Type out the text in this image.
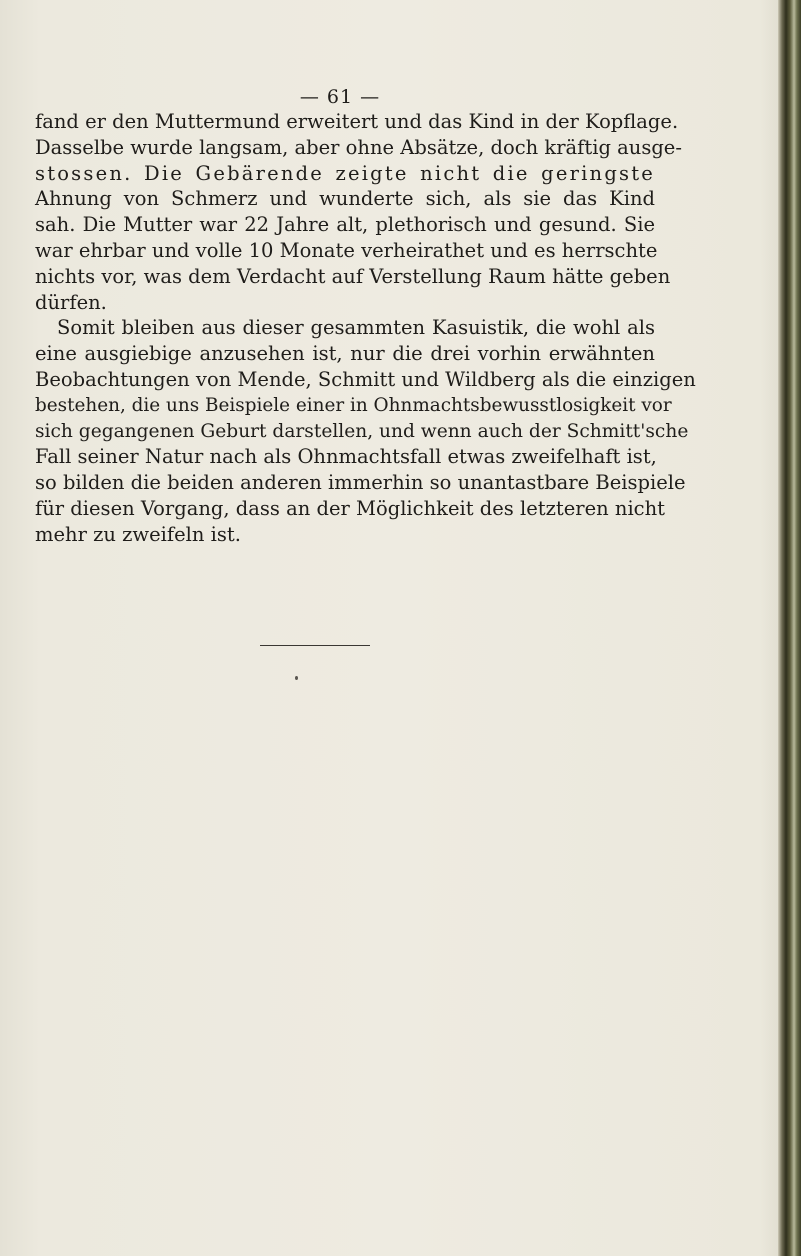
— 61 —

fand er den Muttermund erweitert und das Kind in der Kopflage.
Dasselbe wurde langsam, aber ohne Absätze, doch kräftig ausge-
stossen. Die Gebärende zeigte nicht die geringste
Ahnung von Schmerz und wunderte sich, als sie das Kind
sah. Die Mutter war 22 Jahre alt, plethorisch und gesund. Sie
war ehrbar und volle 10 Monate verheirathet und es herrschte
nichts vor, was dem Verdacht auf Verstellung Raum hätte geben
dürfen.

Somit bleiben aus dieser gesammten Kasuistik, die wohl als
eine ausgiebige anzusehen ist, nur die drei vorhin erwähnten
Beobachtungen von Mende, Schmitt und Wildberg als die einzigen
bestehen, die uns Beispiele einer in Ohnmachtsbewusstlosigkeit vor
sich gegangenen Geburt darstellen, und wenn auch der Schmitt'sche
Fall seiner Natur nach als Ohnmachtsfall etwas zweifelhaft ist,
so bilden die beiden anderen immerhin so unantastbare Beispiele
für diesen Vorgang, dass an der Möglichkeit des letzteren nicht
mehr zu zweifeln ist.
